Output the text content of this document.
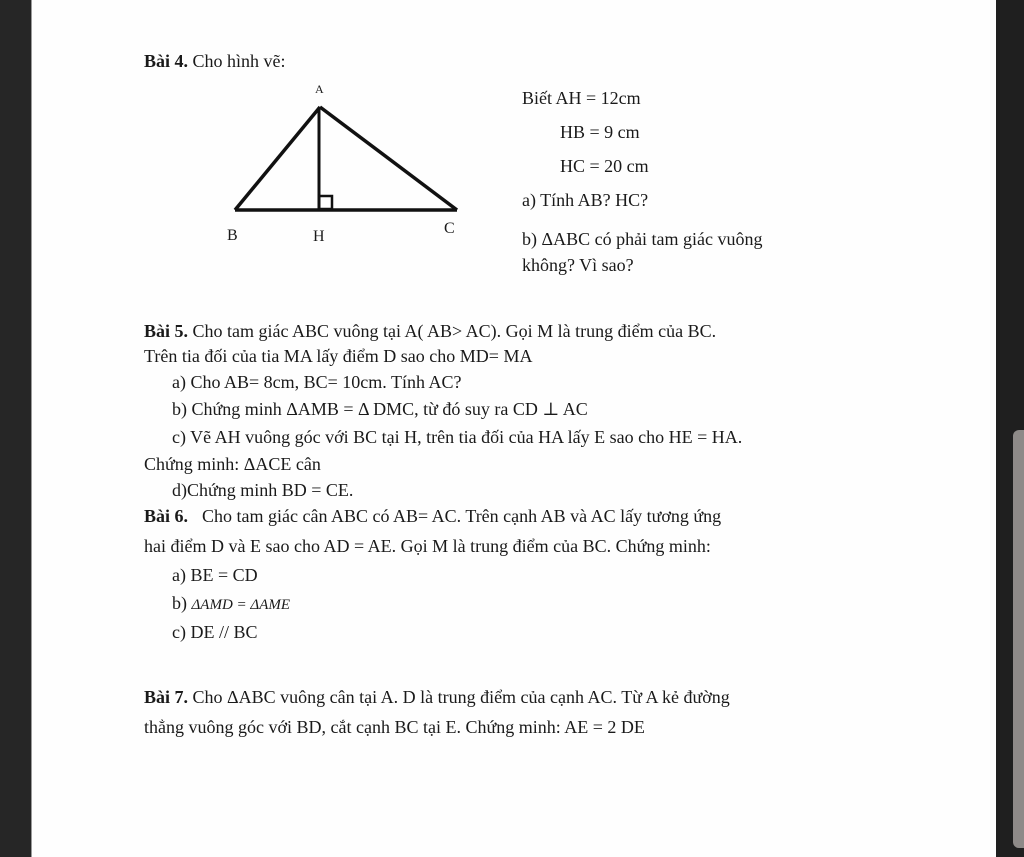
Bài 4. Cho hình vẽ:
A
B	H	C
Biết AH = 12cm
HB = 9 cm
HC = 20 cm
a) Tính AB? HC?
b) ΔABC có phải tam giác vuông
không? Vì sao?
Bài 5. Cho tam giác ABC vuông tại A( AB> AC). Gọi M là trung điểm của BC.
Trên tia đối của tia MA lấy điểm D sao cho MD= MA
a) Cho AB= 8cm, BC= 10cm. Tính AC?
b) Chứng minh ΔAMB = Δ DMC, từ đó suy ra CD ⊥ AC
c) Vẽ AH vuông góc với BC tại H, trên tia đối của HA lấy E sao cho HE = HA.
Chứng minh: ΔACE cân
d)Chứng minh BD = CE.
Bài 6. Cho tam giác cân ABC có AB= AC. Trên cạnh AB và AC lấy tương ứng
hai điểm D và E sao cho AD = AE. Gọi M là trung điểm của BC. Chứng minh:
a) BE = CD
b) ΔAMD = ΔAME
c) DE // BC
Bài 7. Cho ΔABC vuông cân tại A. D là trung điểm của cạnh AC. Từ A kẻ đường
thẳng vuông góc với BD, cắt cạnh BC tại E. Chứng minh: AE = 2 DE
